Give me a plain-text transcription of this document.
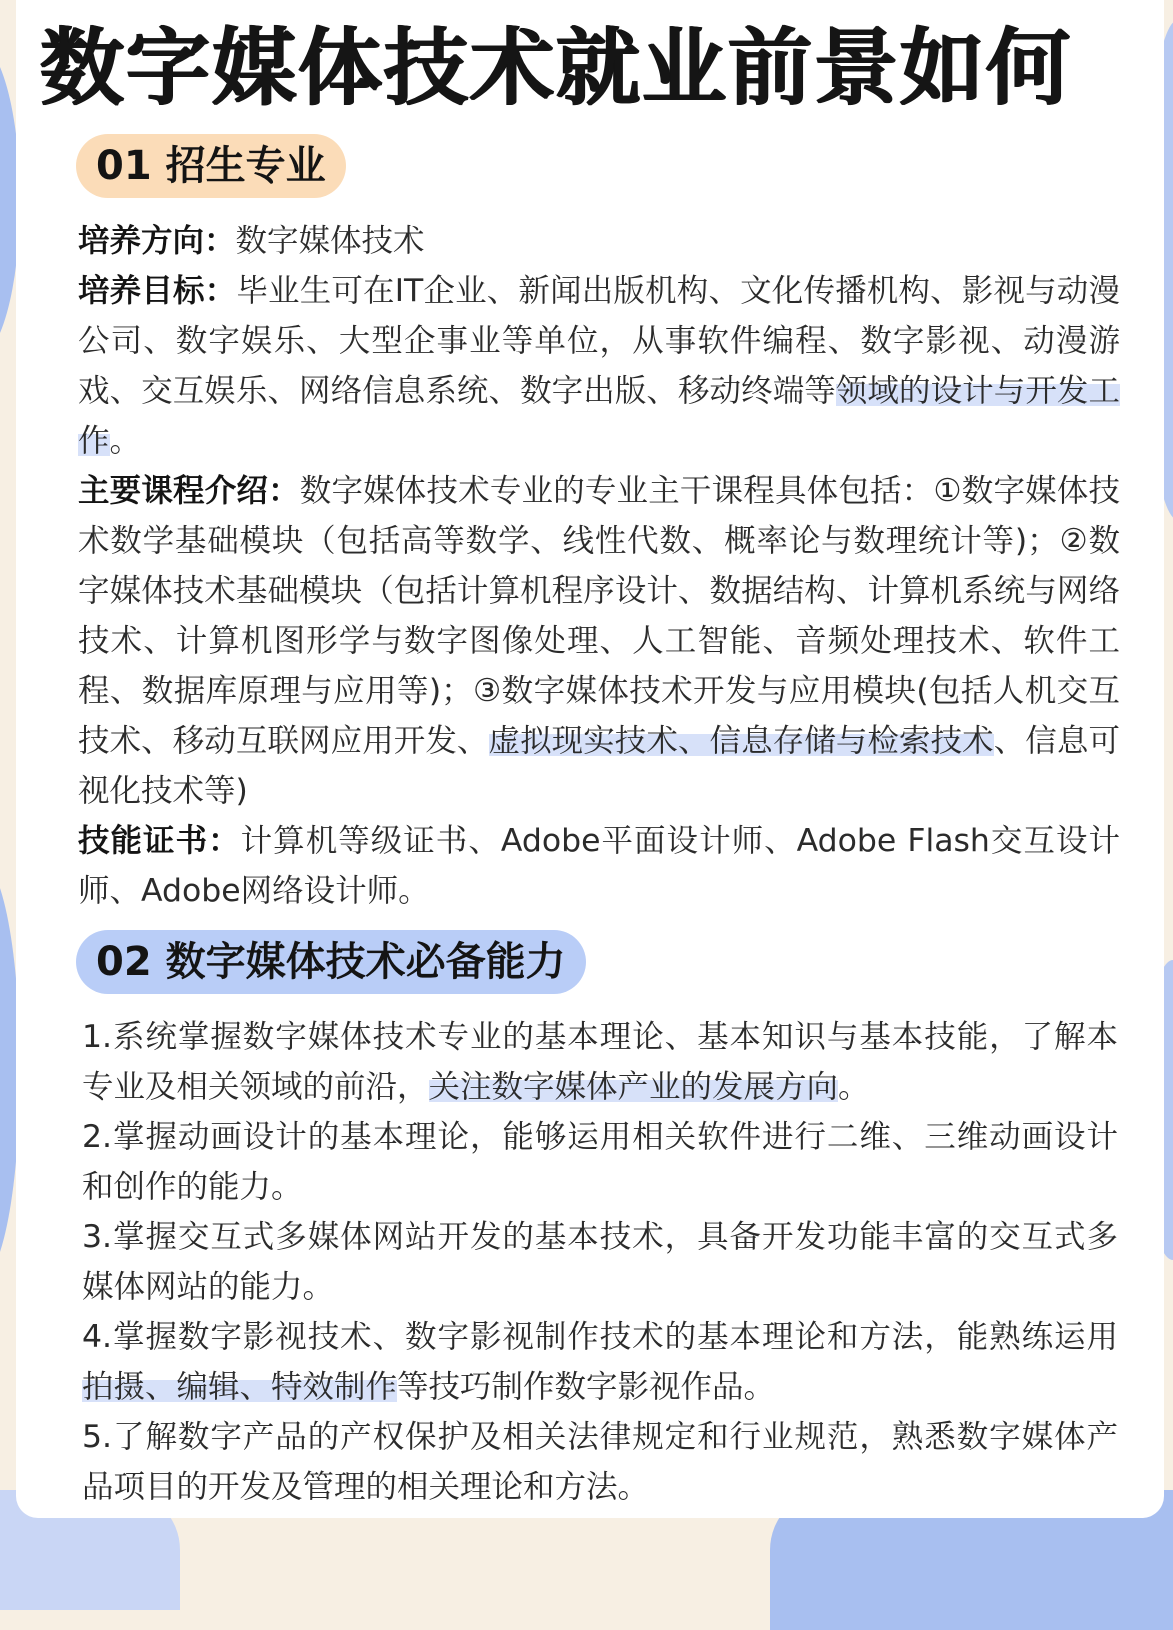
数字媒体技术就业前景如何
01 招生专业

培养方向：数字媒体技术

培养目标：毕业生可在IT企业、新闻出版机构、文化传播机构、影视与动漫公司、数字娱乐、大型企事业等单位，从事软件编程、数字影视、动漫游戏、交互娱乐、网络信息系统、数字出版、移动终端等领域的设计与开发工作。

主要课程介绍：数字媒体技术专业的专业主干课程具体包括：①数字媒体技术数学基础模块（包括高等数学、线性代数、概率论与数理统计等)；②数字媒体技术基础模块（包括计算机程序设计、数据结构、计算机系统与网络技术、计算机图形学与数字图像处理、人工智能、音频处理技术、软件工程、数据库原理与应用等)；③数字媒体技术开发与应用模块(包括人机交互技术、移动互联网应用开发、虚拟现实技术、信息存储与检索技术、信息可视化技术等)

技能证书：计算机等级证书、Adobe平面设计师、Adobe Flash交互设计师、Adobe网络设计师。

02 数字媒体技术必备能力

1.系统掌握数字媒体技术专业的基本理论、基本知识与基本技能，了解本专业及相关领域的前沿，关注数字媒体产业的发展方向。

2.掌握动画设计的基本理论，能够运用相关软件进行二维、三维动画设计和创作的能力。

3.掌握交互式多媒体网站开发的基本技术，具备开发功能丰富的交互式多媒体网站的能力。

4.掌握数字影视技术、数字影视制作技术的基本理论和方法，能熟练运用拍摄、编辑、特效制作等技巧制作数字影视作品。

5.了解数字产品的产权保护及相关法律规定和行业规范，熟悉数字媒体产品项目的开发及管理的相关理论和方法。
